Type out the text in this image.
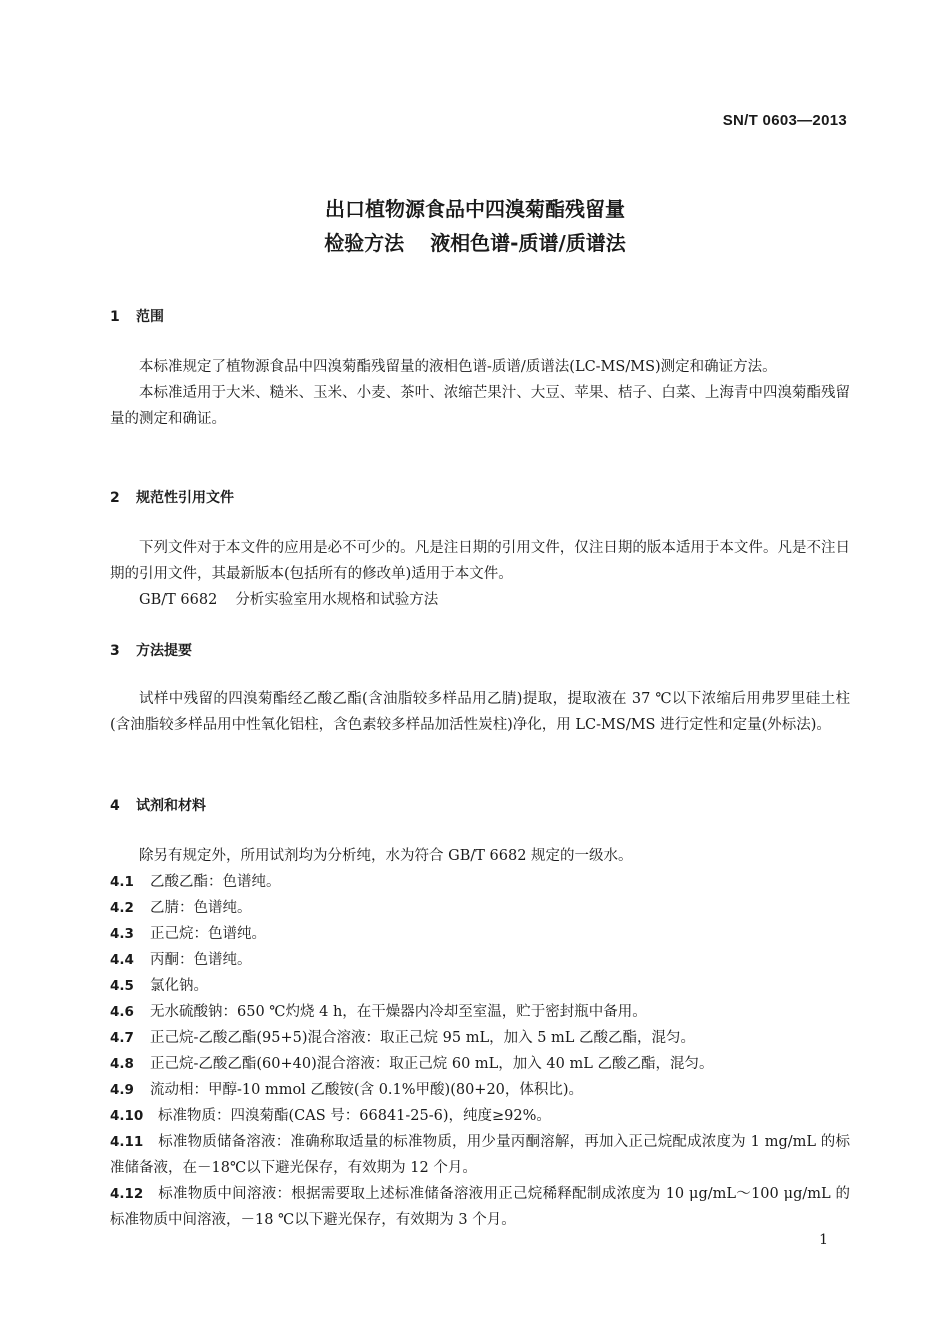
SN/T 0603—2013
出口植物源食品中四溴菊酯残留量
检验方法 液相色谱-质谱/质谱法
1 范围

本标准规定了植物源食品中四溴菊酯残留量的液相色谱-质谱/质谱法(LC-MS/MS)测定和确证方法。

本标准适用于大米、糙米、玉米、小麦、茶叶、浓缩芒果汁、大豆、苹果、桔子、白菜、上海青中四溴菊酯残留量的测定和确证。

2 规范性引用文件

下列文件对于本文件的应用是必不可少的。凡是注日期的引用文件，仅注日期的版本适用于本文件。凡是不注日期的引用文件，其最新版本(包括所有的修改单)适用于本文件。

GB/T 6682 分析实验室用水规格和试验方法

3 方法提要

试样中残留的四溴菊酯经乙酸乙酯(含油脂较多样品用乙腈)提取，提取液在 37 ℃以下浓缩后用弗罗里硅土柱(含油脂较多样品用中性氧化铝柱，含色素较多样品加活性炭柱)净化，用 LC-MS/MS 进行定性和定量(外标法)。

4 试剂和材料

除另有规定外，所用试剂均为分析纯，水为符合 GB/T 6682 规定的一级水。

4.1 乙酸乙酯：色谱纯。

4.2 乙腈：色谱纯。

4.3 正己烷：色谱纯。

4.4 丙酮：色谱纯。

4.5 氯化钠。

4.6 无水硫酸钠：650 ℃灼烧 4 h，在干燥器内冷却至室温，贮于密封瓶中备用。

4.7 正己烷-乙酸乙酯(95+5)混合溶液：取正己烷 95 mL，加入 5 mL 乙酸乙酯，混匀。

4.8 正己烷-乙酸乙酯(60+40)混合溶液：取正己烷 60 mL，加入 40 mL 乙酸乙酯，混匀。

4.9 流动相：甲醇-10 mmol 乙酸铵(含 0.1%甲酸)(80+20，体积比)。

4.10 标准物质：四溴菊酯(CAS 号：66841-25-6)，纯度≥92%。

4.11 标准物质储备溶液：准确称取适量的标准物质，用少量丙酮溶解，再加入正己烷配成浓度为 1 mg/mL 的标准储备液，在－18℃以下避光保存，有效期为 12 个月。

4.12 标准物质中间溶液：根据需要取上述标准储备溶液用正己烷稀释配制成浓度为 10 μg/mL～100 μg/mL 的标准物质中间溶液，－18 ℃以下避光保存，有效期为 3 个月。

1
